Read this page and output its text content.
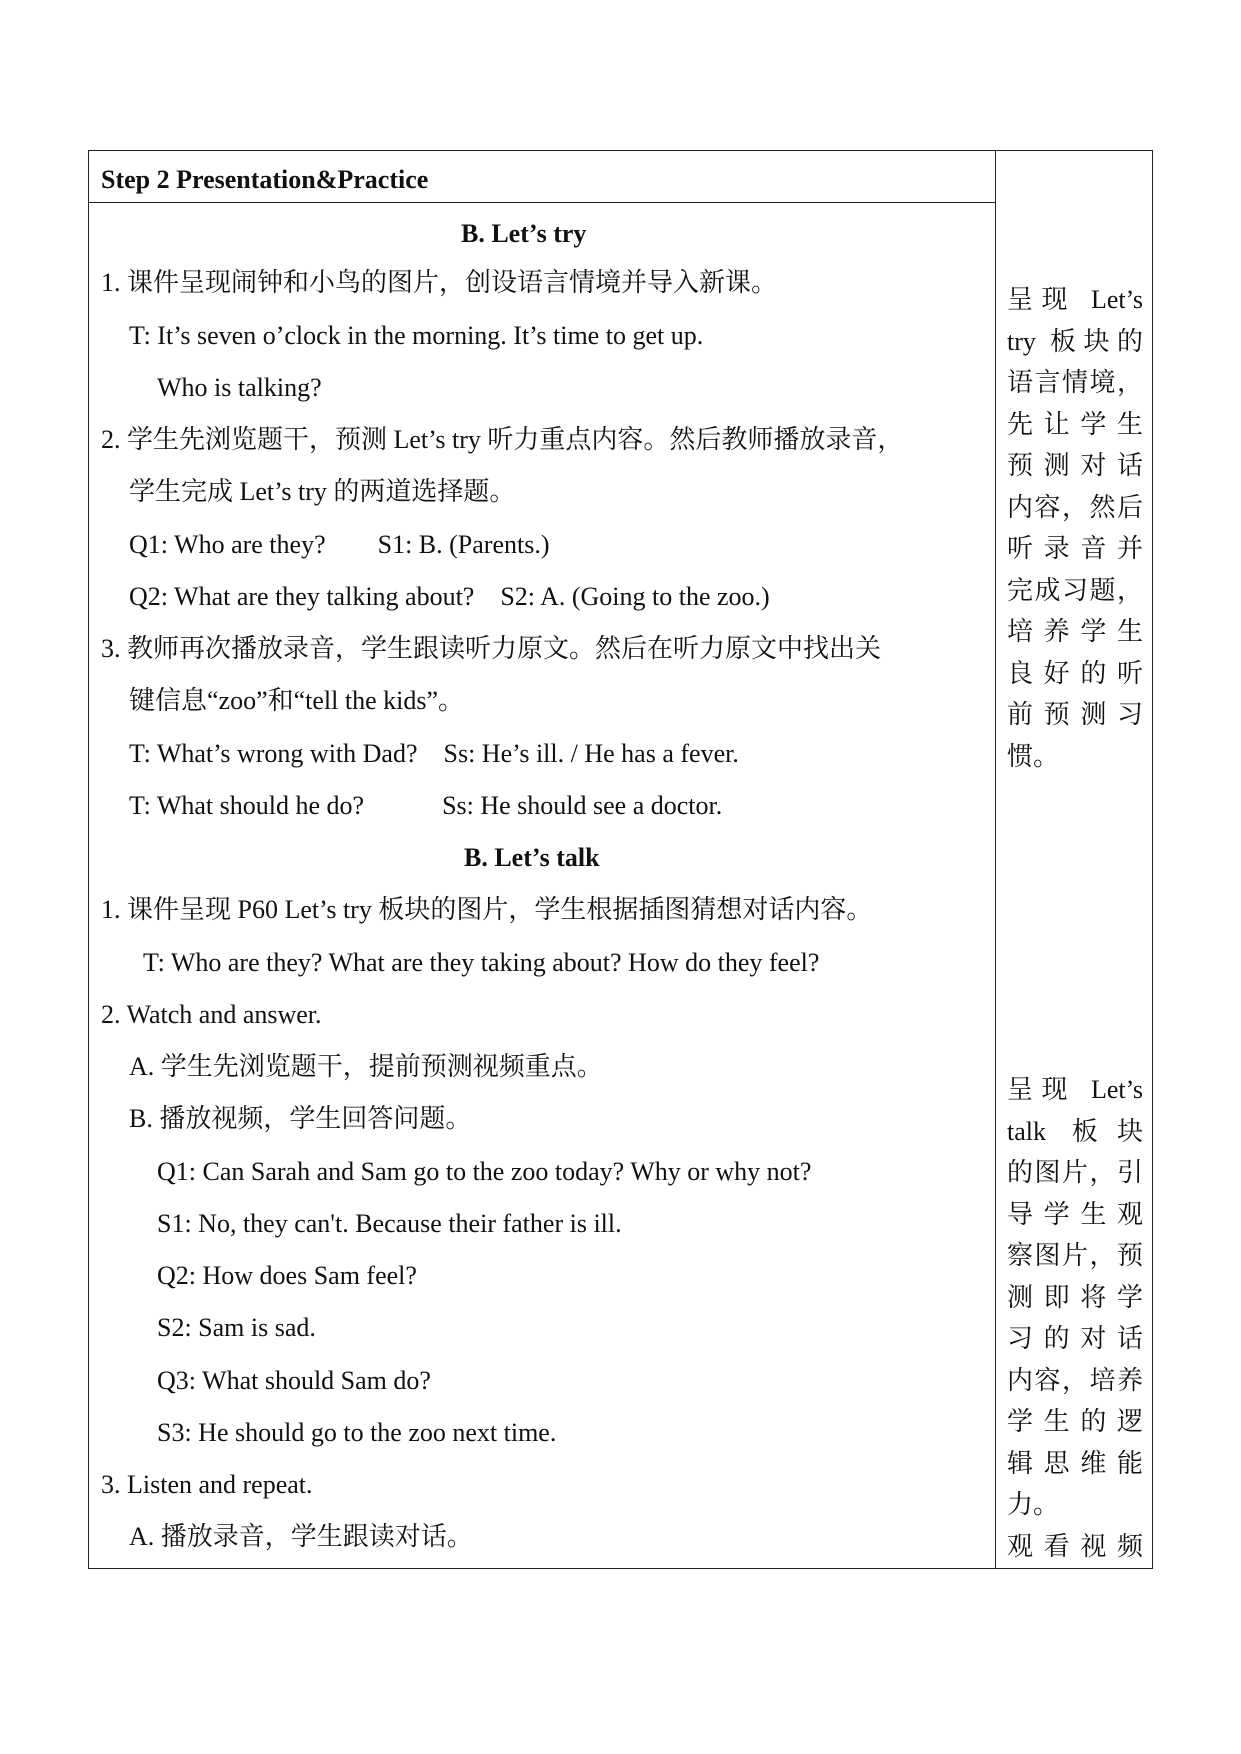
Step 2 Presentation&Practice
B. Let’s try
1. 课件呈现闹钟和小鸟的图片，创设语言情境并导入新课。
T: It’s seven o’clock in the morning. It’s time to get up.
Who is talking?
2. 学生先浏览题干，预测 Let’s try 听力重点内容。然后教师播放录音，
学生完成 Let’s try 的两道选择题。
Q1: Who are they?        S1: B. (Parents.)
Q2: What are they talking about?    S2: A. (Going to the zoo.)
3. 教师再次播放录音，学生跟读听力原文。然后在听力原文中找出关
键信息“zoo”和“tell the kids”。
T: What’s wrong with Dad?    Ss: He’s ill. / He has a fever.
T: What should he do?            Ss: He should see a doctor.
B. Let’s talk
1. 课件呈现 P60 Let’s try 板块的图片，学生根据插图猜想对话内容。
T: Who are they? What are they taking about? How do they feel?
2. Watch and answer.
A. 学生先浏览题干，提前预测视频重点。
B. 播放视频，学生回答问题。
Q1: Can Sarah and Sam go to the zoo today? Why or why not?
S1: No, they can't. Because their father is ill.
Q2: How does Sam feel?
S2: Sam is sad.
Q3: What should Sam do?
S3: He should go to the zoo next time.
3. Listen and repeat.
A. 播放录音，学生跟读对话。
呈现 Let’s
try 板块的
语言情境，
先让学生
预测对话
内容，然后
听录音并
完成习题，
培养学生
良好的听
前预测习
惯。
呈现 Let’s
talk 板块
的图片，引
导学生观
察图片，预
测即将学
习的对话
内容，培养
学生的逻
辑思维能
力。
观看视频
